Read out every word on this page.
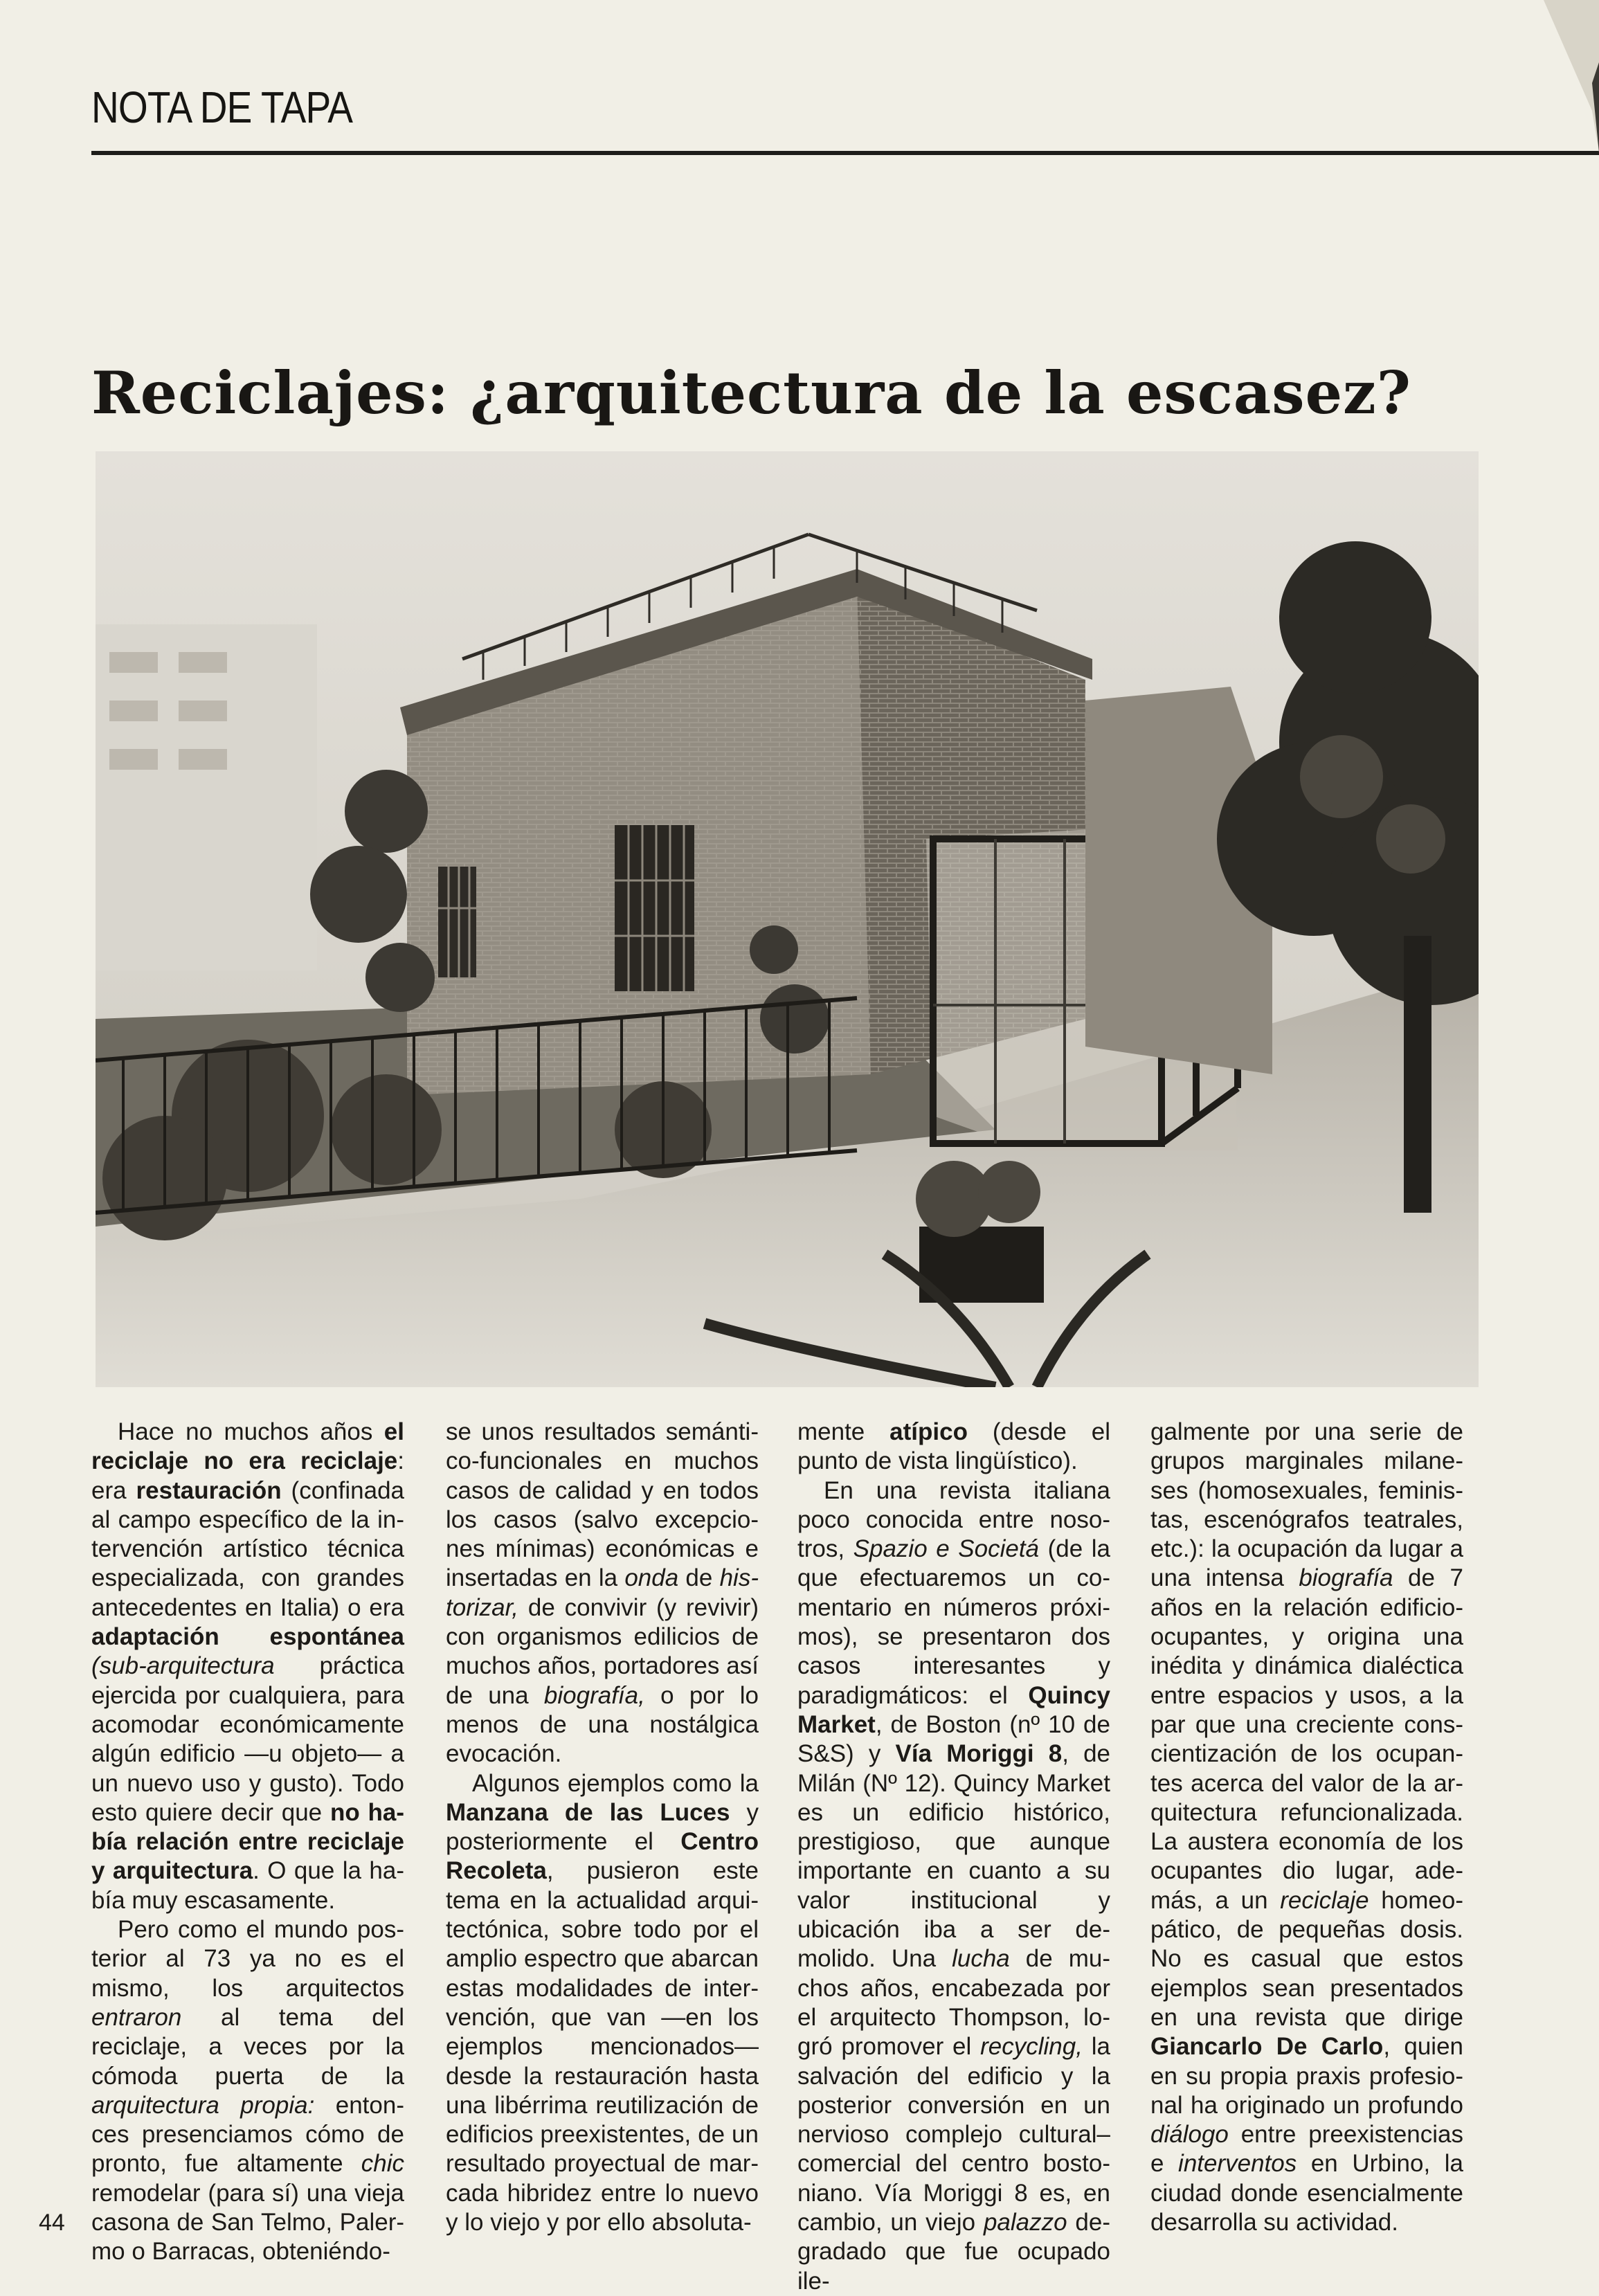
NOTA DE TAPA
Reciclajes: ¿arquitectura de la escasez?

Hace no muchos años el reciclaje no era reciclaje: era restauración (confinada al campo específico de la intervención artístico técnica especializada, con grandes antecedentes en Italia) o era adaptación espontánea (sub-arquitectura práctica ejercida por cualquiera, para acomodar económicamente algún edificio —u objeto— a un nuevo uso y gusto). Todo esto quiere decir que no había relación entre reciclaje y arquitectura. O que la había muy escasamente.

Pero como el mundo posterior al 73 ya no es el mismo, los arquitectos entraron al tema del reciclaje, a veces por la cómoda puerta de la arquitectura propia: entonces presenciamos cómo de pronto, fue altamente chic remodelar (para sí) una vieja casona de San Telmo, Palermo o Barracas, obteniéndo-

se unos resultados semántico-funcionales en muchos casos de calidad y en todos los casos (salvo excepciones mínimas) económicas e insertadas en la onda de historizar, de convivir (y revivir) con organismos edilicios de muchos años, portadores así de una biografía, o por lo menos de una nostálgica evocación.

Algunos ejemplos como la Manzana de las Luces y posteriormente el Centro Recoleta, pusieron este tema en la actualidad arquitectónica, sobre todo por el amplio espectro que abarcan estas modalidades de intervención, que van —en los ejemplos mencionados— desde la restauración hasta una libérrima reutilización de edificios preexistentes, de un resultado proyectual de marcada hibridez entre lo nuevo y lo viejo y por ello absoluta-

mente atípico (desde el punto de vista lingüístico).

En una revista italiana poco conocida entre nosotros, Spazio e Societá (de la que efectuaremos un comentario en números próximos), se presentaron dos casos interesantes y paradigmáticos: el Quincy Market, de Boston (nº 10 de S&S) y Vía Moriggi 8, de Milán (Nº 12). Quincy Market es un edificio histórico, prestigioso, que aunque importante en cuanto a su valor institucional y ubicación iba a ser demolido. Una lucha de muchos años, encabezada por el arquitecto Thompson, logró promover el recycling, la salvación del edificio y la posterior conversión en un nervioso complejo cultural–comercial del centro bostoniano. Vía Moriggi 8 es, en cambio, un viejo palazzo degradado que fue ocupado ile-

galmente por una serie de grupos marginales milaneses (homosexuales, feministas, escenógrafos teatrales, etc.): la ocupación da lugar a una intensa biografía de 7 años en la relación edificio-ocupantes, y origina una inédita y dinámica dialéctica entre espacios y usos, a la par que una creciente conscientización de los ocupantes acerca del valor de la arquitectura refuncionalizada. La austera economía de los ocupantes dio lugar, además, a un reciclaje homeopático, de pequeñas dosis. No es casual que estos ejemplos sean presentados en una revista que dirige Giancarlo De Carlo, quien en su propia praxis profesional ha originado un profundo diálogo entre preexistencias e interventos en Urbino, la ciudad donde esencialmente desarrolla su actividad.

44
